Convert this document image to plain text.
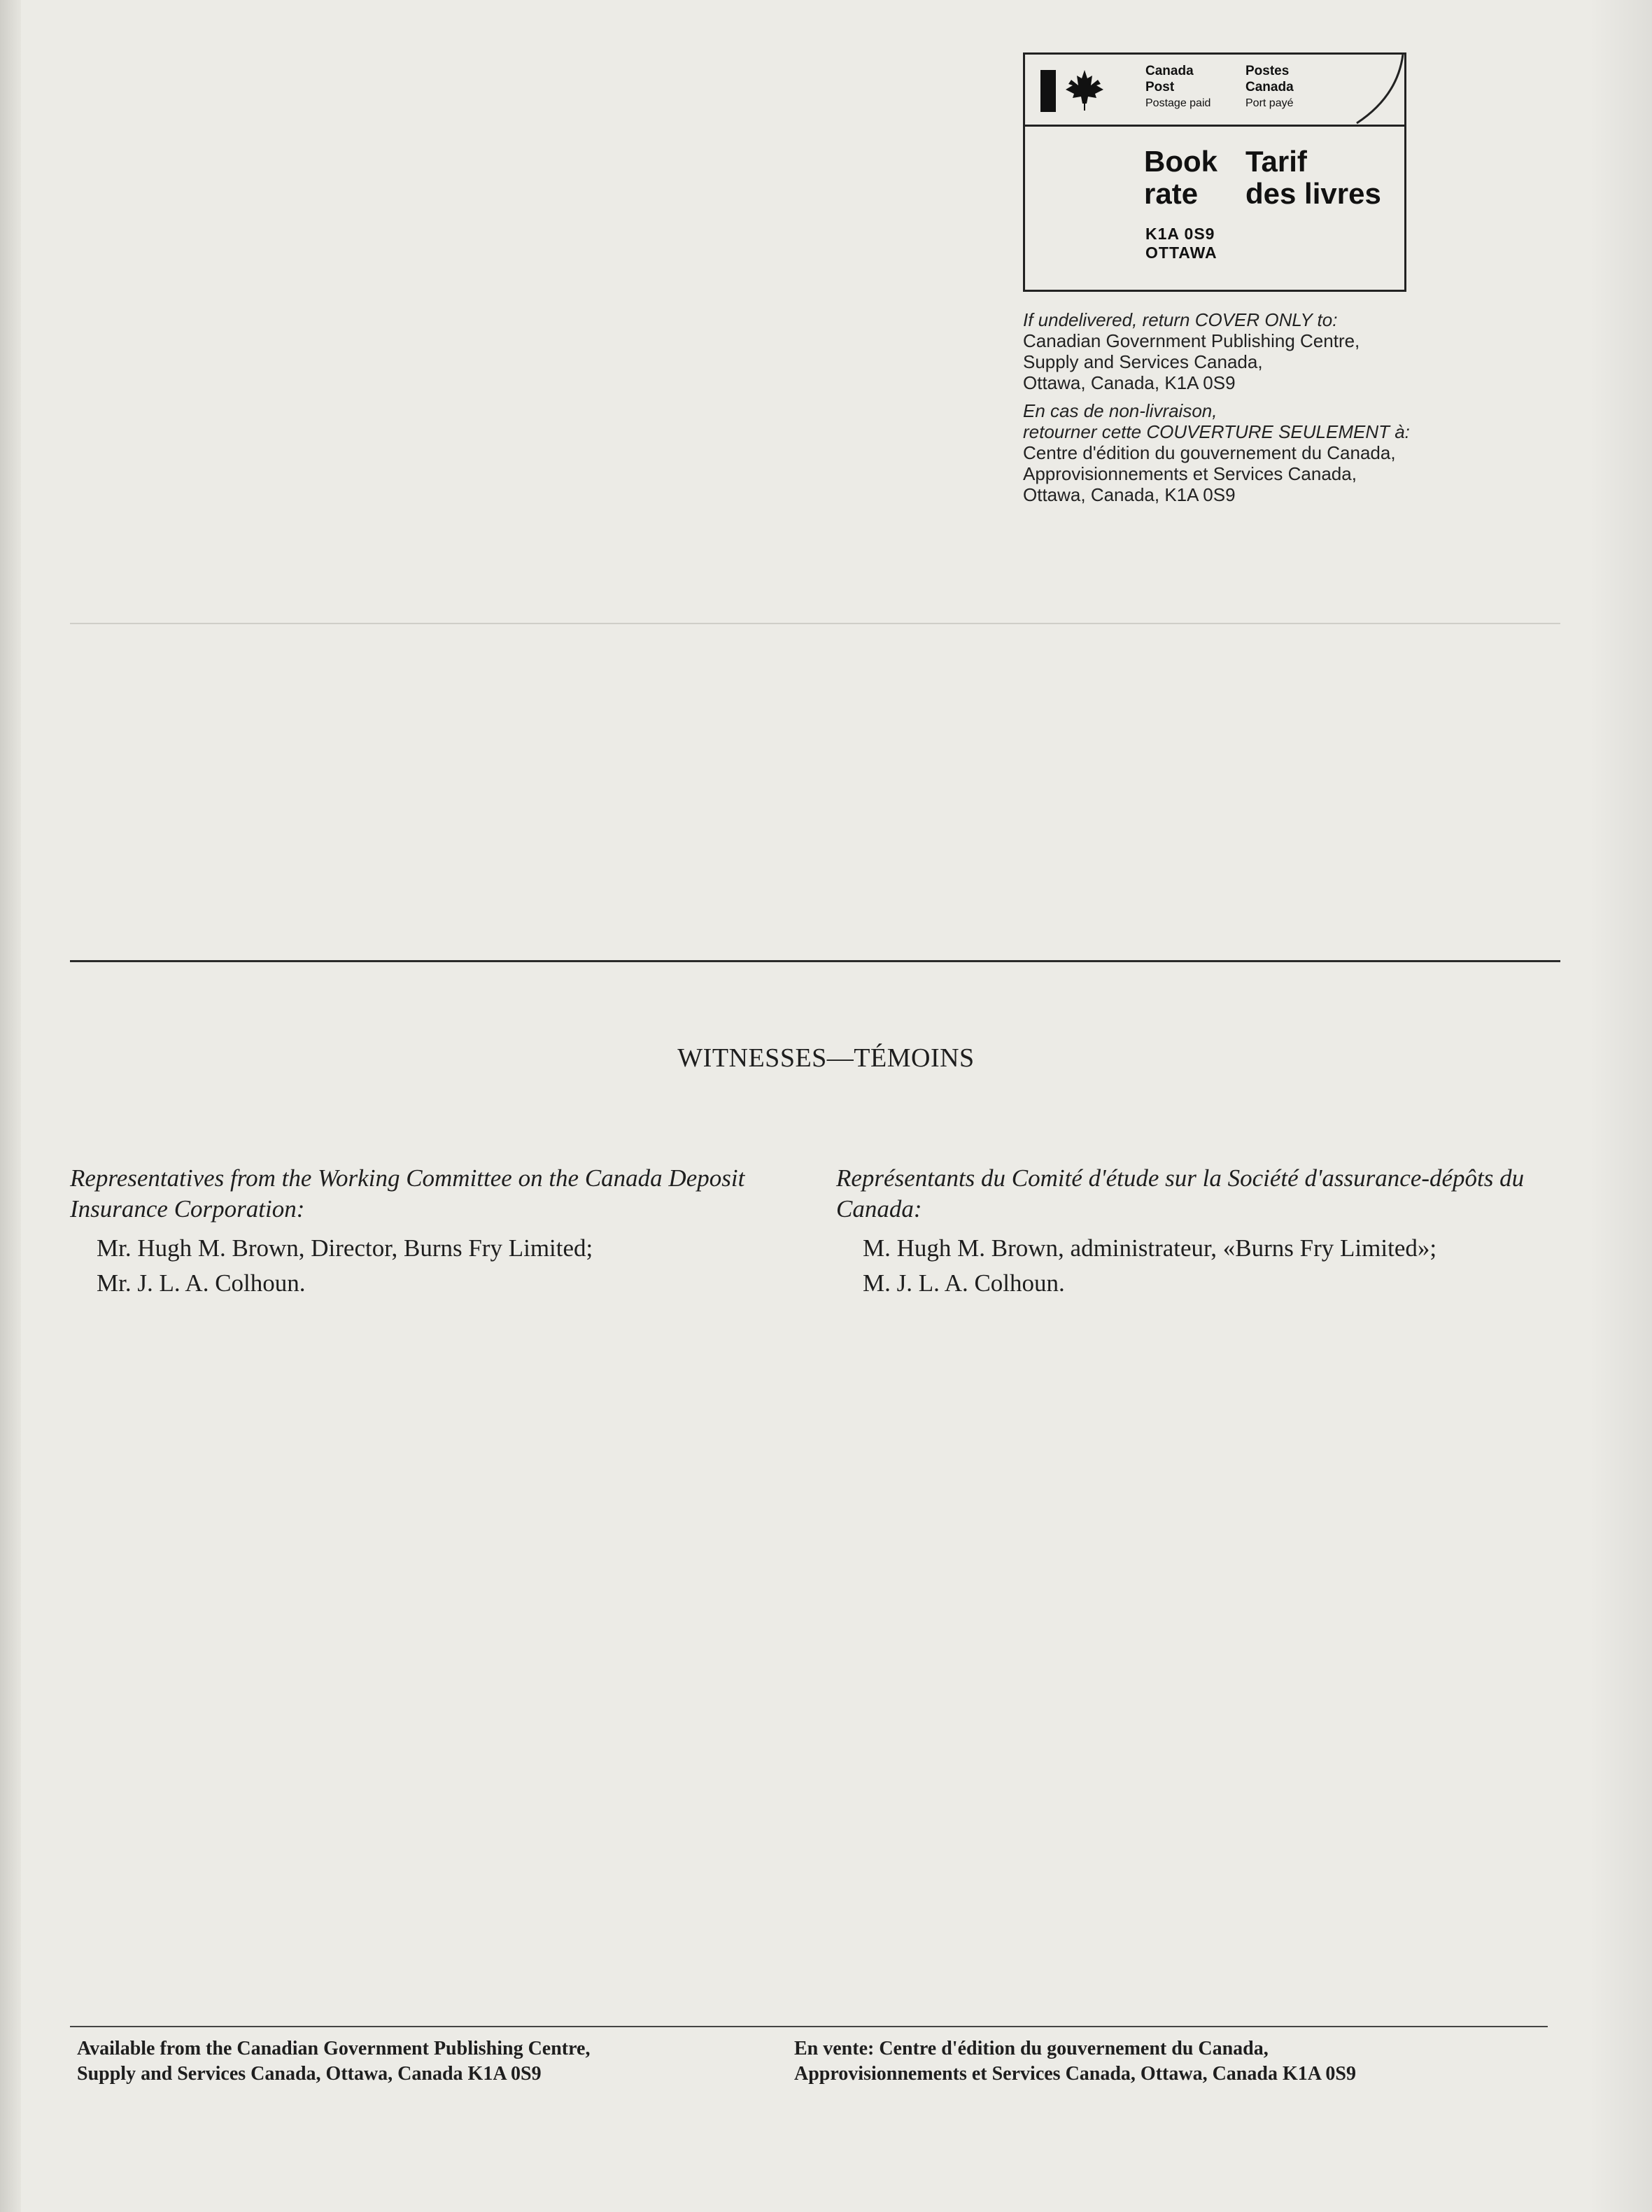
Canada
Post
Postage paid
Postes
Canada
Port payé
Book
rate
Tarif
des livres
K1A 0S9
OTTAWA
If undelivered, return COVER ONLY to:
Canadian Government Publishing Centre,
Supply and Services Canada,
Ottawa, Canada, K1A 0S9
En cas de non-livraison,
retourner cette COUVERTURE SEULEMENT à:
Centre d'édition du gouvernement du Canada,
Approvisionnements et Services Canada,
Ottawa, Canada, K1A 0S9
WITNESSES—TÉMOINS
Representatives from the Working Committee on the Canada Deposit Insurance Corporation:
Mr. Hugh M. Brown, Director, Burns Fry Limited;
Mr. J. L. A. Colhoun.
Représentants du Comité d'étude sur la Société d'assurance-dépôts du Canada:
M. Hugh M. Brown, administrateur, «Burns Fry Limited»;
M. J. L. A. Colhoun.
Available from the Canadian Government Publishing Centre,
Supply and Services Canada, Ottawa, Canada K1A 0S9
En vente: Centre d'édition du gouvernement du Canada,
Approvisionnements et Services Canada, Ottawa, Canada K1A 0S9
